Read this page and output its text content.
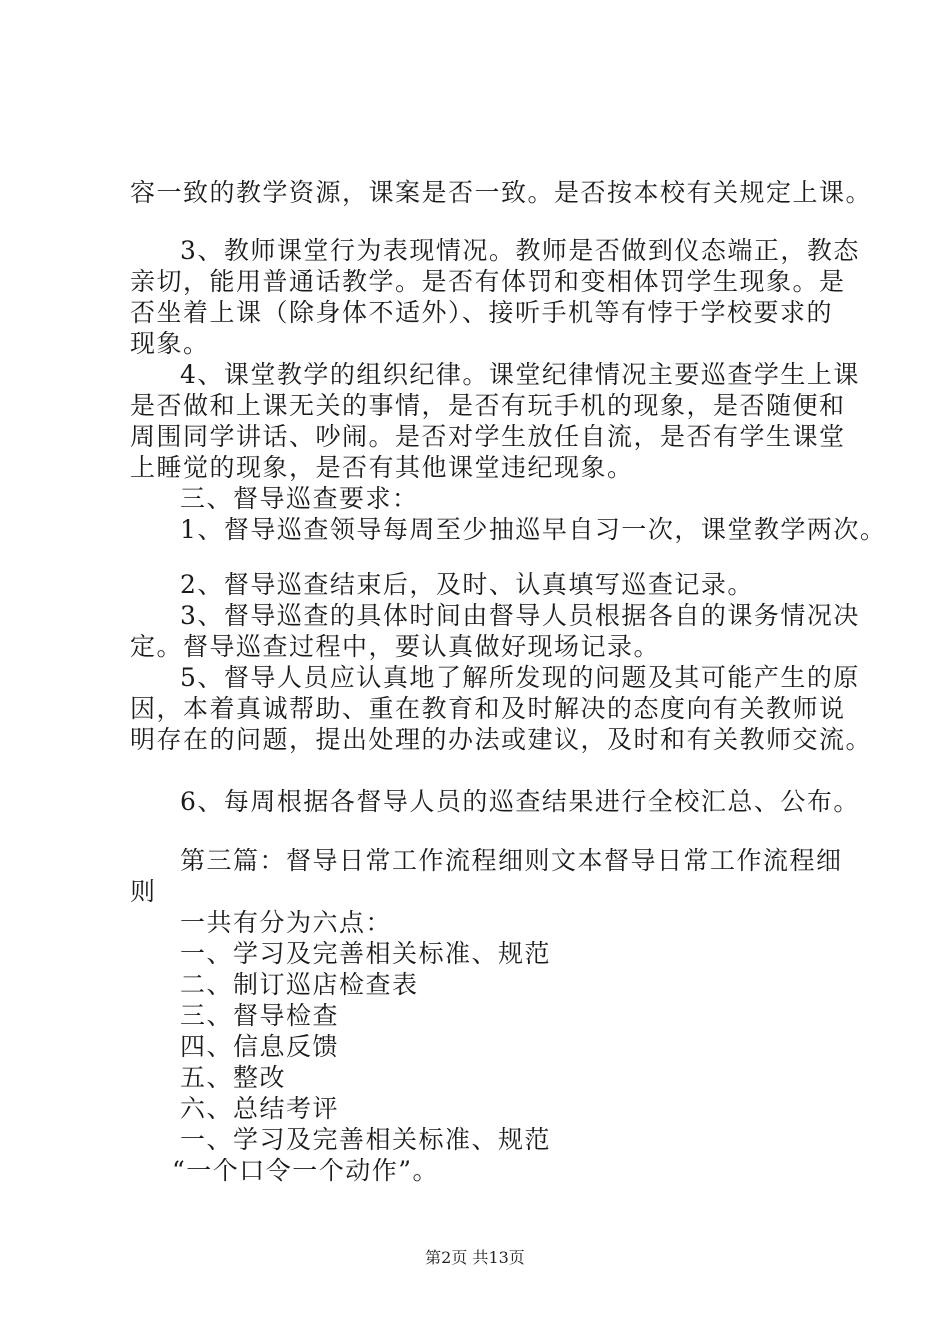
容一致的教学资源，课案是否一致。是否按本校有关规定上课。
3、教师课堂行为表现情况。教师是否做到仪态端正，教态
亲切，能用普通话教学。是否有体罚和变相体罚学生现象。是
否坐着上课（除身体不适外）、接听手机等有悖于学校要求的
现象。
4、课堂教学的组织纪律。课堂纪律情况主要巡查学生上课
是否做和上课无关的事情，是否有玩手机的现象，是否随便和
周围同学讲话、吵闹。是否对学生放任自流，是否有学生课堂
上睡觉的现象，是否有其他课堂违纪现象。
三、督导巡查要求：
1、督导巡查领导每周至少抽巡早自习一次，课堂教学两次。
2、督导巡查结束后，及时、认真填写巡查记录。
3、督导巡查的具体时间由督导人员根据各自的课务情况决
定。督导巡查过程中，要认真做好现场记录。
5、督导人员应认真地了解所发现的问题及其可能产生的原
因，本着真诚帮助、重在教育和及时解决的态度向有关教师说
明存在的问题，提出处理的办法或建议，及时和有关教师交流。
6、每周根据各督导人员的巡查结果进行全校汇总、公布。
第三篇：督导日常工作流程细则文本督导日常工作流程细
则
一共有分为六点：
一、学习及完善相关标准、规范
二、制订巡店检查表
三、督导检查
四、信息反馈
五、整改
六、总结考评
一、学习及完善相关标准、规范
“一个口令一个动作”。
第2页 共13页
